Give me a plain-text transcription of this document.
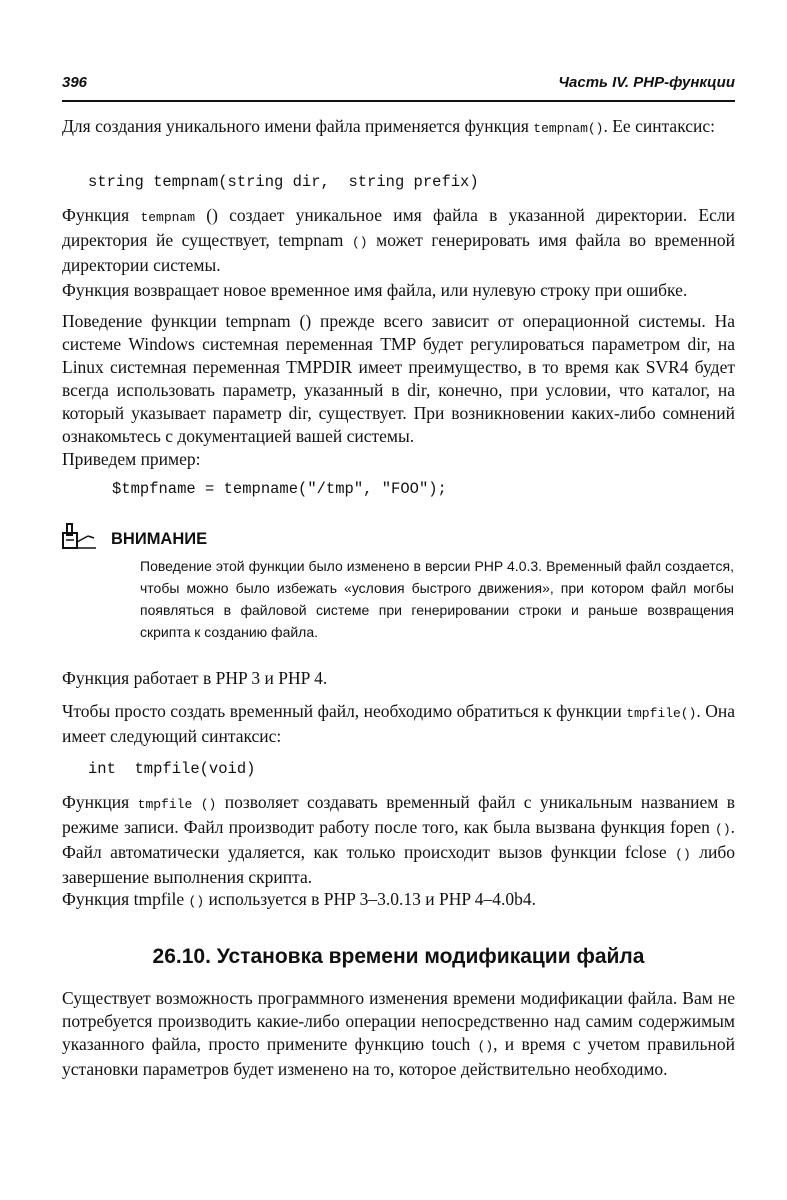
396	Часть IV. PHP-функции

Для создания уникального имени файла применяется функция tempnam(). Ее синтаксис:

string tempnam(string dir,  string prefix)

Функция tempnam () создает уникальное имя файла в указанной директории. Если директория йе существует, tempnam () может генерировать имя файла во временной директории системы.

Функция возвращает новое временное имя файла, или нулевую строку при ошибке.

Поведение функции tempnam () прежде всего зависит от операционной системы. На системе Windows системная переменная TMP будет регулироваться параметром dir, на Linux системная переменная TMPDIR имеет преимущество, в то время как SVR4 будет всегда использовать параметр, указанный в dir, конечно, при условии, что каталог, на который указывает параметр dir, существует. При возникновении каких-либо сомнений ознакомьтесь с документацией вашей системы.

Приведем пример:

$tmpfname = tempname("/tmp", "FOO");
ВНИМАНИЕ

Поведение этой функции было изменено в версии PHP 4.0.3. Временный файл создается, чтобы можно было избежать «условия быстрого движения», при котором файл могбы появляться в файловой системе при генерировании строки и раньше возвращения скрипта к созданию файла.

Функция работает в PHP 3 и PHP 4.

Чтобы просто создать временный файл, необходимо обратиться к функции tmpfile(). Она имеет следующий синтаксис:

int  tmpfile(void)

Функция tmpfile () позволяет создавать временный файл с уникальным названием в режиме записи. Файл производит работу после того, как была вызвана функция fopen (). Файл автоматически удаляется, как только происходит вызов функции fclose () либо завершение выполнения скрипта.

Функция tmpfile () используется в PHP 3–3.0.13 и PHP 4–4.0b4.

26.10. Установка времени модификации файла

Существует возможность программного изменения времени модификации файла. Вам не потребуется производить какие-либо операции непосредственно над самим содержимым указанного файла, просто примените функцию touch (), и время с учетом правильной установки параметров будет изменено на то, которое действительно необходимо.
